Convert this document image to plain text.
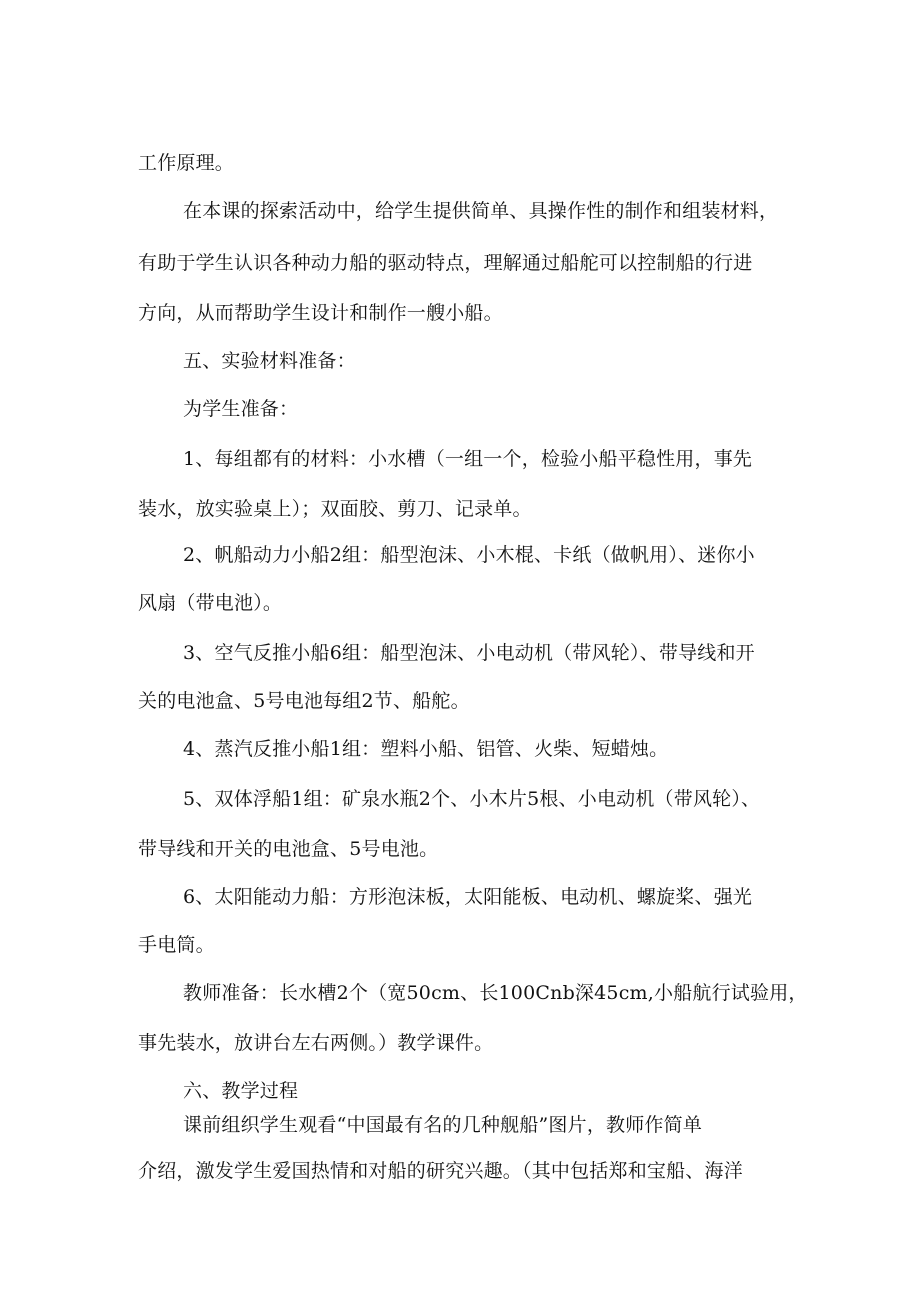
工作原理。

在本课的探索活动中，给学生提供简单、具操作性的制作和组装材料，

有助于学生认识各种动力船的驱动特点，理解通过船舵可以控制船的行进

方向，从而帮助学生设计和制作一艘小船。

五、实验材料准备：

为学生准备：

1、每组都有的材料：小水槽（一组一个，检验小船平稳性用，事先

装水，放实验桌上）；双面胶、剪刀、记录单。

2、帆船动力小船2组：船型泡沫、小木棍、卡纸（做帆用）、迷你小

风扇（带电池）。

3、空气反推小船6组：船型泡沫、小电动机（带风轮）、带导线和开

关的电池盒、5号电池每组2节、船舵。

4、蒸汽反推小船1组：塑料小船、铝管、火柴、短蜡烛。

5、双体浮船1组：矿泉水瓶2个、小木片5根、小电动机（带风轮）、

带导线和开关的电池盒、5号电池。

6、太阳能动力船：方形泡沫板，太阳能板、电动机、螺旋桨、强光

手电筒。

教师准备：长水槽2个（宽50cm、长100Cnb深45cm,小船航行试验用，

事先装水，放讲台左右两侧。）教学课件。

六、教学过程

课前组织学生观看“中国最有名的几种舰船”图片，教师作简单

介绍，激发学生爱国热情和对船的研究兴趣。（其中包括郑和宝船、海洋
